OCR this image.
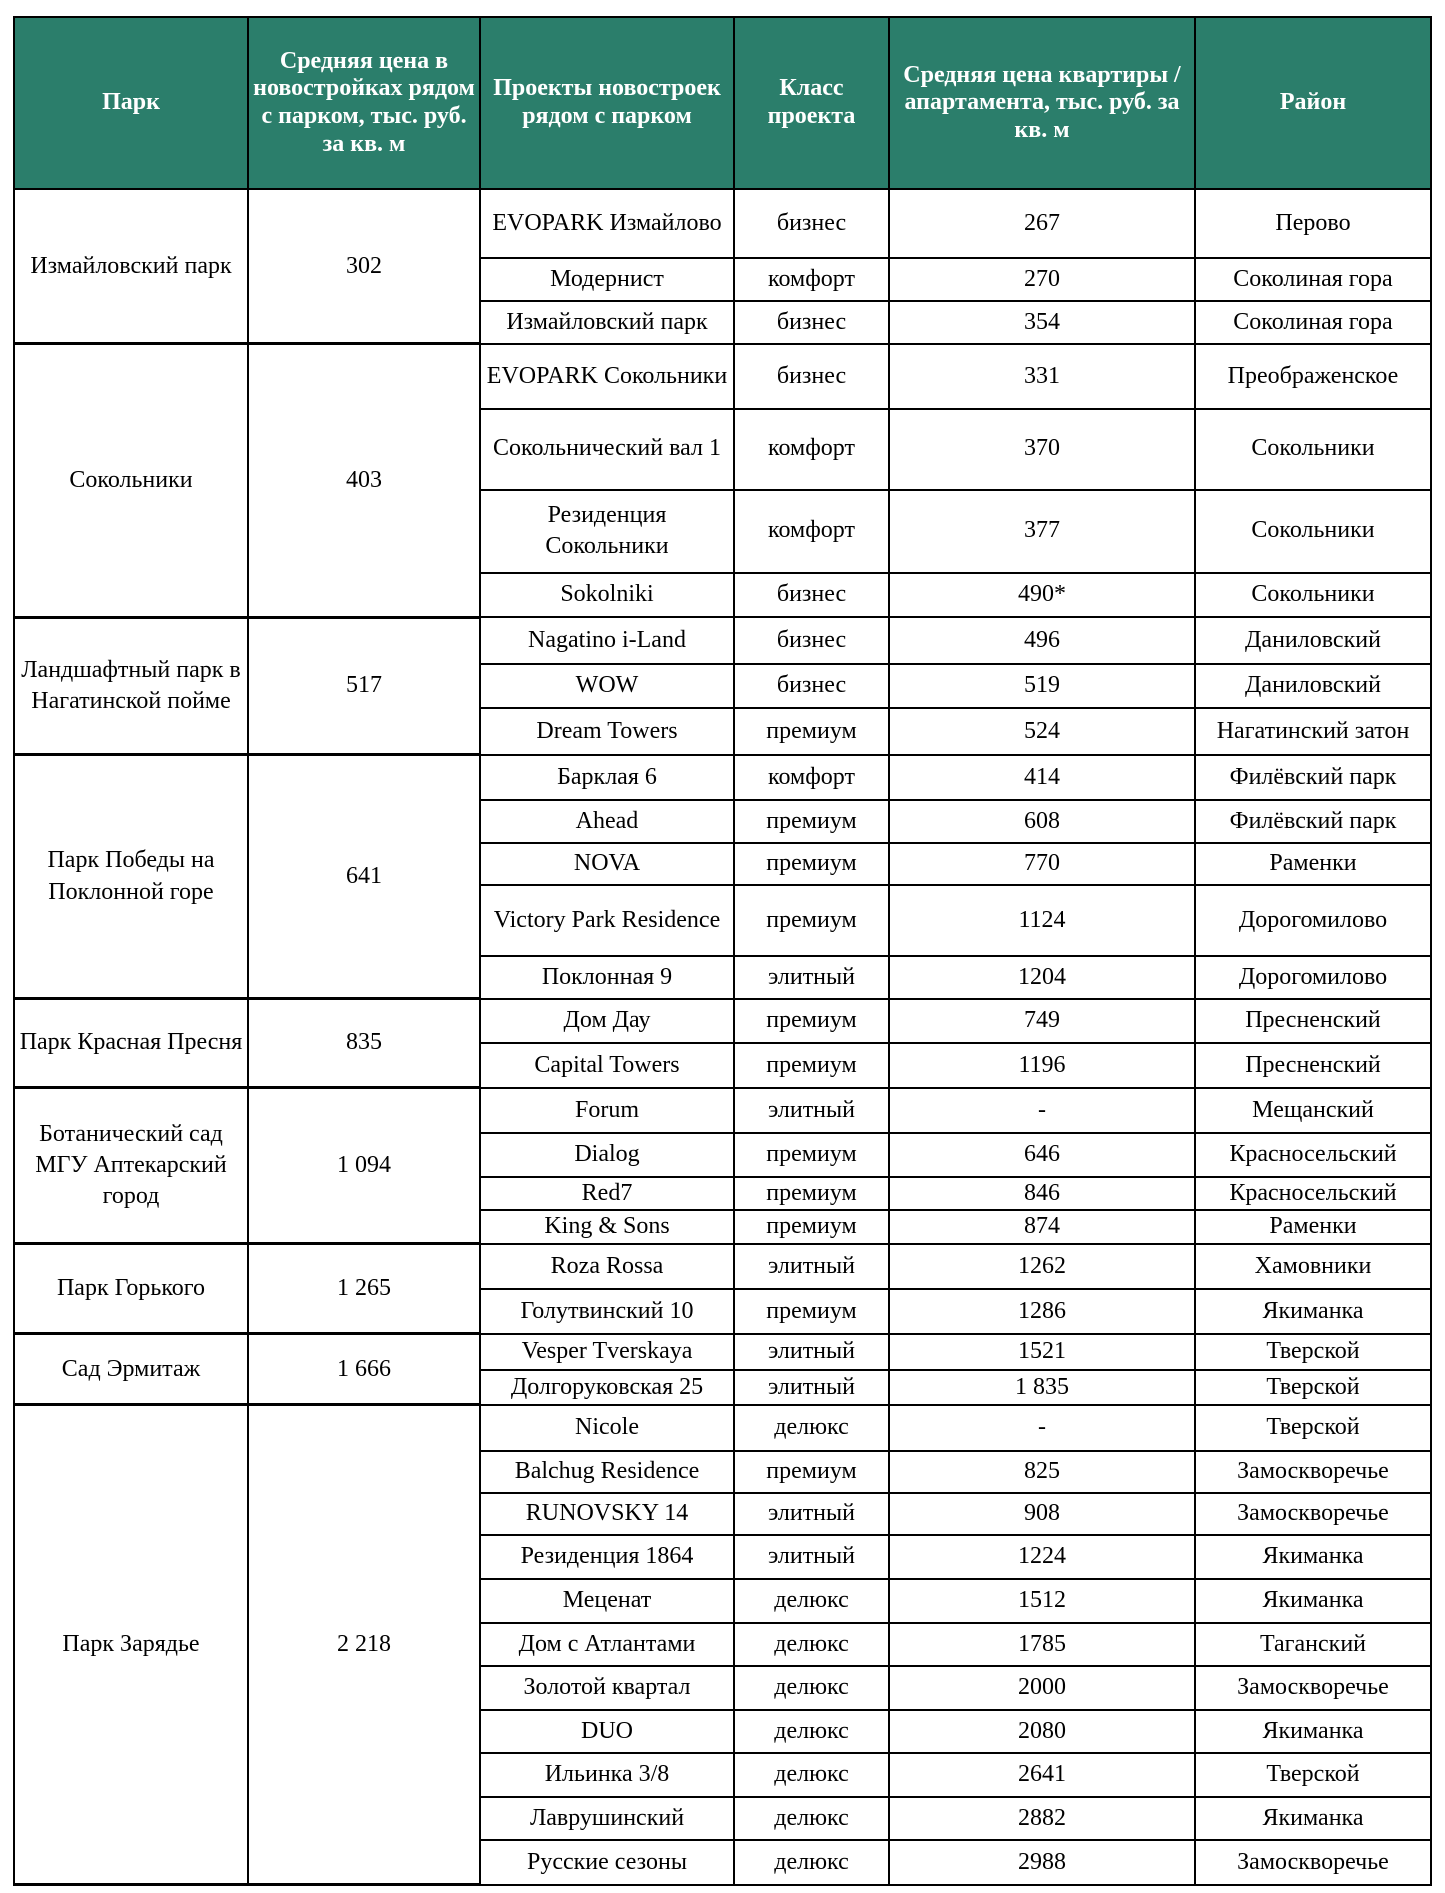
Парк	Средняя цена в новостройках рядом с парком, тыс. руб. за кв. м	Проекты новостроек рядом с парком	Класс проекта	Средняя цена квартиры / апартамента, тыс. руб. за кв. м	Район
Измайловский парк	302	EVOPARK Измайлово	бизнес	267	Перово
		Модернист	комфорт	270	Соколиная гора
		Измайловский парк	бизнес	354	Соколиная гора
Сокольники	403	EVOPARK Сокольники	бизнес	331	Преображенское
		Сокольнический вал 1	комфорт	370	Сокольники
		Резиденция Сокольники	комфорт	377	Сокольники
		Sokolniki	бизнес	490*	Сокольники
Ландшафтный парк в Нагатинской пойме	517	Nagatino i-Land	бизнес	496	Даниловский
		WOW	бизнес	519	Даниловский
		Dream Towers	премиум	524	Нагатинский затон
Парк Победы на Поклонной горе	641	Барклая 6	комфорт	414	Филёвский парк
		Ahead	премиум	608	Филёвский парк
		NOVA	премиум	770	Раменки
		Victory Park Residence	премиум	1124	Дорогомилово
		Поклонная 9	элитный	1204	Дорогомилово
Парк Красная Пресня	835	Дом Дау	премиум	749	Пресненский
		Capital Towers	премиум	1196	Пресненский
Ботанический сад МГУ Аптекарский город	1 094	Forum	элитный	-	Мещанский
		Dialog	премиум	646	Красносельский
		Red7	премиум	846	Красносельский
		King & Sons	премиум	874	Раменки
Парк Горького	1 265	Roza Rossa	элитный	1262	Хамовники
		Голутвинский 10	премиум	1286	Якиманка
Сад Эрмитаж	1 666	Vesper Tverskaya	элитный	1521	Тверской
		Долгоруковская 25	элитный	1 835	Тверской
Парк Зарядье	2 218	Nicole	делюкс	-	Тверской
		Balchug Residence	премиум	825	Замоскворечье
		RUNOVSKY 14	элитный	908	Замоскворечье
		Резиденция 1864	элитный	1224	Якиманка
		Меценат	делюкс	1512	Якиманка
		Дом с Атлантами	делюкс	1785	Таганский
		Золотой квартал	делюкс	2000	Замоскворечье
		DUO	делюкс	2080	Якиманка
		Ильинка 3/8	делюкс	2641	Тверской
		Лаврушинский	делюкс	2882	Якиманка
		Русские сезоны	делюкс	2988	Замоскворечье
